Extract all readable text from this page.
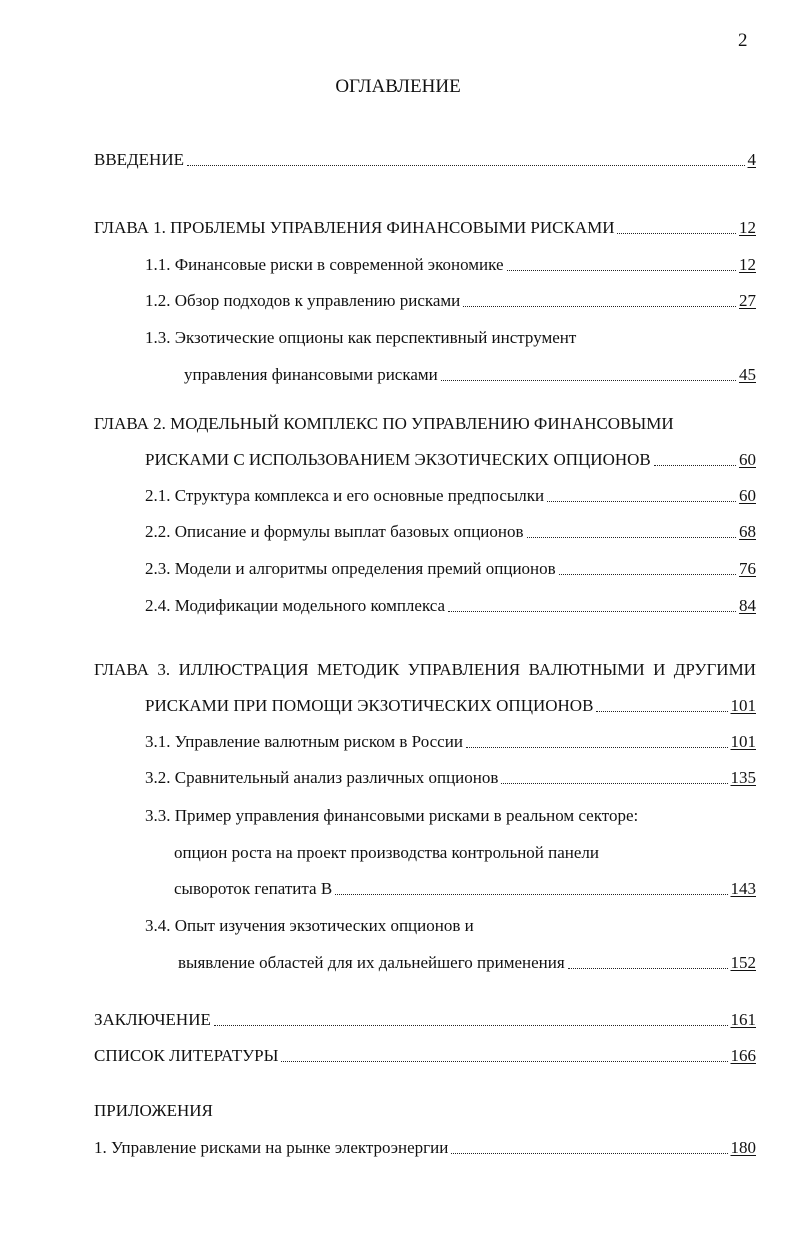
2
ОГЛАВЛЕНИЕ
ВВЕДЕНИЕ	4
ГЛАВА 1. ПРОБЛЕМЫ УПРАВЛЕНИЯ ФИНАНСОВЫМИ РИСКАМИ	12
1.1. Финансовые риски в современной экономике	12
1.2. Обзор подходов к управлению рисками	27
1.3. Экзотические опционы как перспективный инструмент
управления финансовыми рисками	45
ГЛАВА 2. МОДЕЛЬНЫЙ КОМПЛЕКС ПО УПРАВЛЕНИЮ ФИНАНСОВЫМИ
РИСКАМИ С ИСПОЛЬЗОВАНИЕМ ЭКЗОТИЧЕСКИХ ОПЦИОНОВ	60
2.1. Структура комплекса и его основные предпосылки	60
2.2. Описание и формулы выплат базовых опционов	68
2.3. Модели и алгоритмы определения премий опционов	76
2.4. Модификации модельного комплекса	84
ГЛАВА 3. ИЛЛЮСТРАЦИЯ МЕТОДИК УПРАВЛЕНИЯ ВАЛЮТНЫМИ И ДРУГИМИ
РИСКАМИ ПРИ ПОМОЩИ ЭКЗОТИЧЕСКИХ ОПЦИОНОВ	101
3.1. Управление валютным риском в России	101
3.2. Сравнительный анализ различных опционов	135
3.3. Пример управления финансовыми рисками в реальном секторе:
опцион роста на проект производства контрольной панели
сывороток гепатита В	143
3.4. Опыт изучения экзотических опционов и
выявление областей для их дальнейшего применения	152
ЗАКЛЮЧЕНИЕ	161
СПИСОК ЛИТЕРАТУРЫ	166
ПРИЛОЖЕНИЯ
1. Управление рисками на рынке электроэнергии	180
